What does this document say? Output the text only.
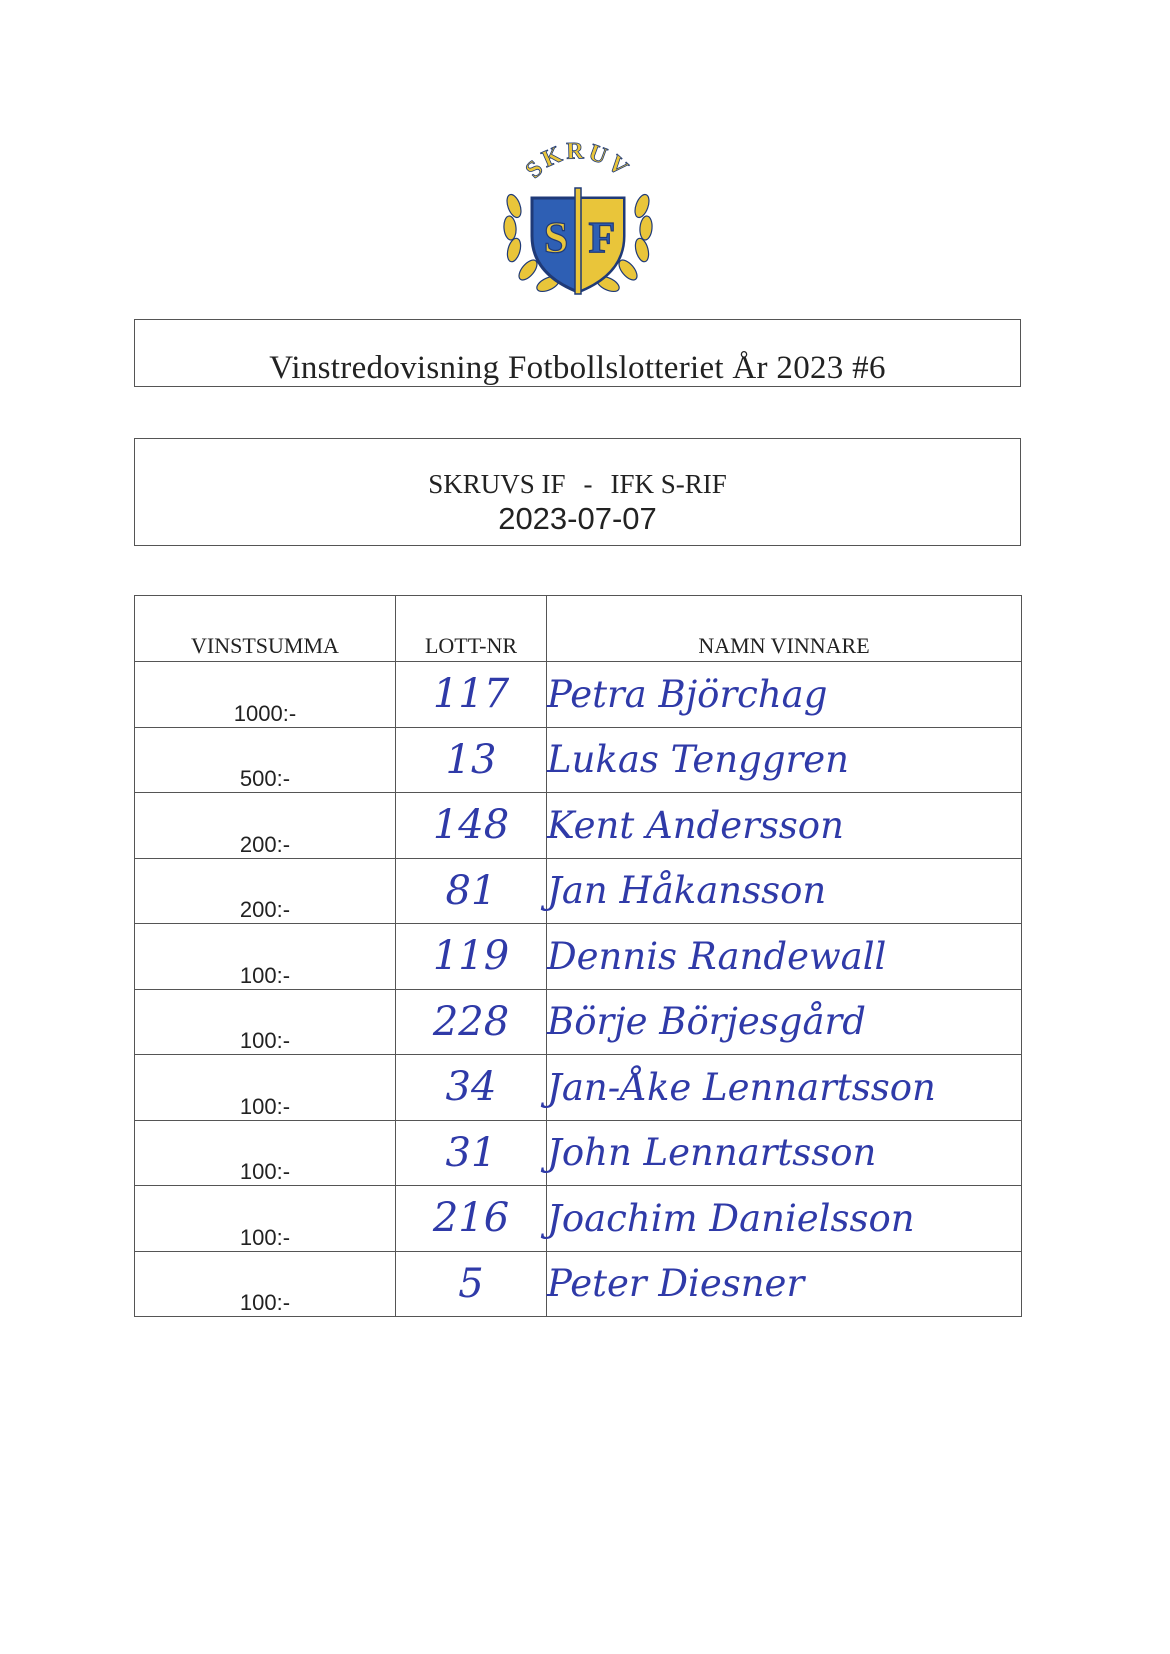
SKRUV
S F
Vinstredovisning Fotbollslotteriet År 2023 #6
SKRUVS IF - IFK S-RIF
2023-07-07
VINSTSUMMA	LOTT-NR	NAMN VINNARE
1000:-	117	Petra Björchag
500:-	13	Lukas Tenggren
200:-	148	Kent Andersson
200:-	81	Jan Håkansson
100:-	119	Dennis Randewall
100:-	228	Börje Börjesgård
100:-	34	Jan-Åke Lennartsson
100:-	31	John Lennartsson
100:-	216	Joachim Danielsson
100:-	5	Peter Diesner
